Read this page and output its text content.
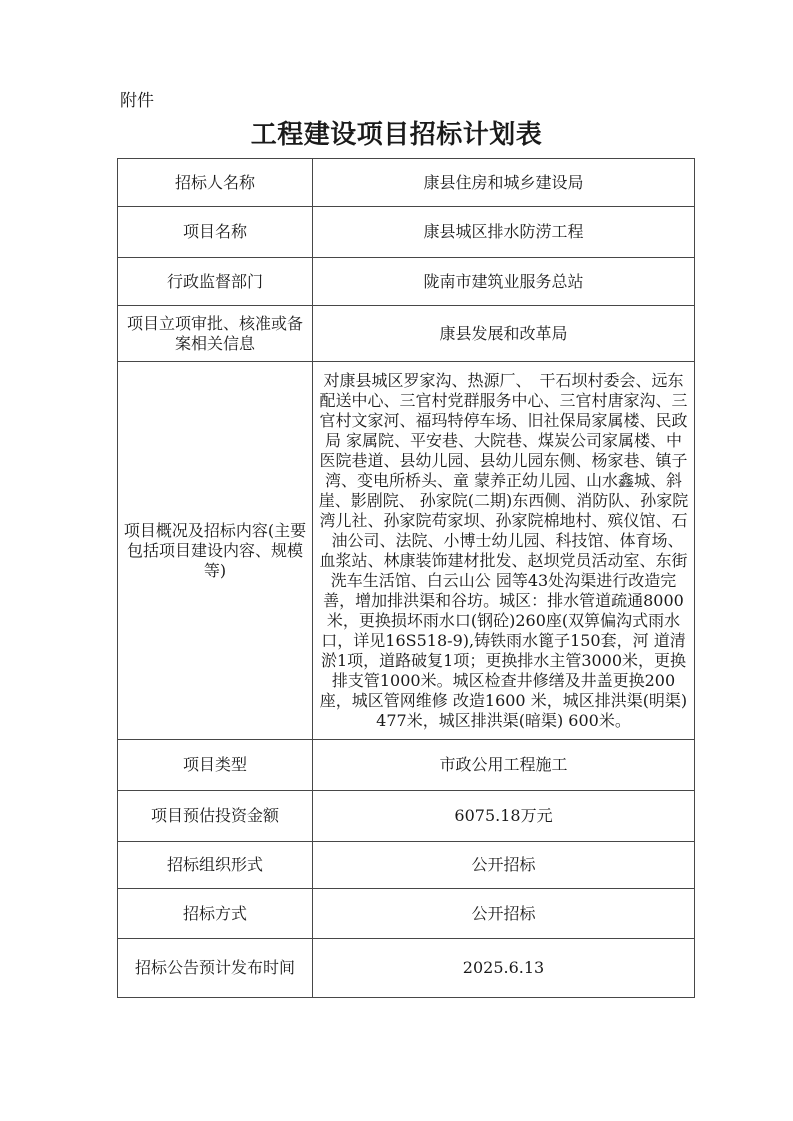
附件
工程建设项目招标计划表
招标人名称	康县住房和城乡建设局
项目名称	康县城区排水防涝工程
行政监督部门	陇南市建筑业服务总站
项目立项审批、核准或备案相关信息	康县发展和改革局
项目概况及招标内容(主要包括项目建设内容、规模等)	对康县城区罗家沟、热源厂、　干石坝村委会、远东配送中心、三官村党群服务中心、三官村唐家沟、三官村文家河、福玛特停车场、旧社保局家属楼、民政局 家属院、平安巷、大院巷、煤炭公司家属楼、中医院巷道、县幼儿园、县幼儿园东侧、杨家巷、镇子湾、变电所桥头、童 蒙养正幼儿园、山水鑫城、斜崖、影剧院、 孙家院(二期)东西侧、消防队、孙家院湾儿社、孙家院苟家坝、孙家院棉地村、殡仪馆、石油公司、法院、小博士幼儿园、科技馆、体育场、　血浆站、林康装饰建材批发、赵坝党员活动室、东街洗车生活馆、白云山公 园等43处沟渠进行改造完善，增加排洪渠和谷坊。城区：排水管道疏通8000米，更换损坏雨水口(钢砼)260座(双箅偏沟式雨水口，详见16S518-9),铸铁雨水篦子150套，河 道清淤1项，道路破复1项；更换排水主管3000米，更换排支管1000米。城区检查井修缮及井盖更换200座，城区管网维修 改造1600 米，城区排洪渠(明渠)477米，城区排洪渠(暗渠) 600米。
项目类型	市政公用工程施工
项目预估投资金额	6075.18万元
招标组织形式	公开招标
招标方式	公开招标
招标公告预计发布时间	2025.6.13
